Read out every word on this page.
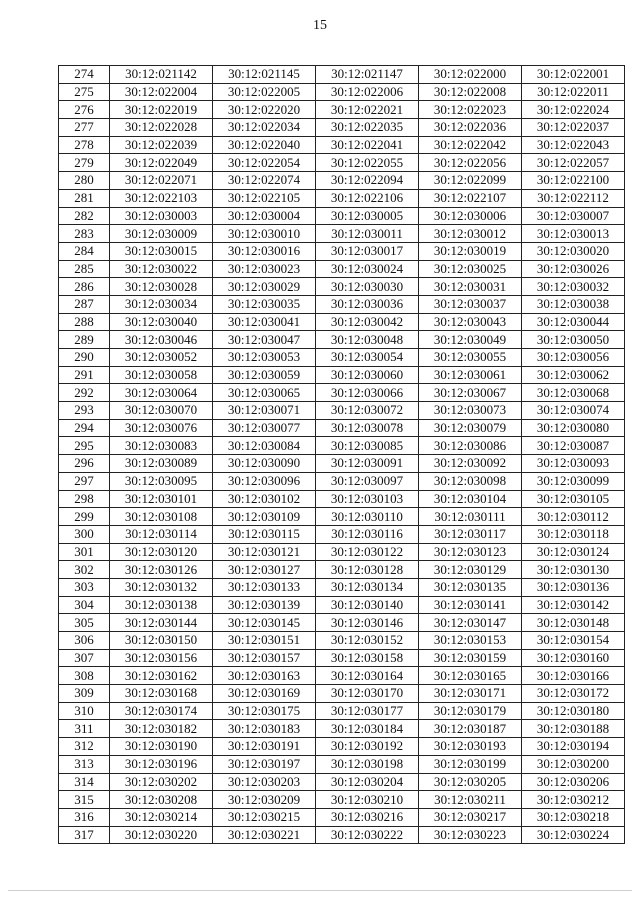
15
274	30:12:021142	30:12:021145	30:12:021147	30:12:022000	30:12:022001
275	30:12:022004	30:12:022005	30:12:022006	30:12:022008	30:12:022011
276	30:12:022019	30:12:022020	30:12:022021	30:12:022023	30:12:022024
277	30:12:022028	30:12:022034	30:12:022035	30:12:022036	30:12:022037
278	30:12:022039	30:12:022040	30:12:022041	30:12:022042	30:12:022043
279	30:12:022049	30:12:022054	30:12:022055	30:12:022056	30:12:022057
280	30:12:022071	30:12:022074	30:12:022094	30:12:022099	30:12:022100
281	30:12:022103	30:12:022105	30:12:022106	30:12:022107	30:12:022112
282	30:12:030003	30:12:030004	30:12:030005	30:12:030006	30:12:030007
283	30:12:030009	30:12:030010	30:12:030011	30:12:030012	30:12:030013
284	30:12:030015	30:12:030016	30:12:030017	30:12:030019	30:12:030020
285	30:12:030022	30:12:030023	30:12:030024	30:12:030025	30:12:030026
286	30:12:030028	30:12:030029	30:12:030030	30:12:030031	30:12:030032
287	30:12:030034	30:12:030035	30:12:030036	30:12:030037	30:12:030038
288	30:12:030040	30:12:030041	30:12:030042	30:12:030043	30:12:030044
289	30:12:030046	30:12:030047	30:12:030048	30:12:030049	30:12:030050
290	30:12:030052	30:12:030053	30:12:030054	30:12:030055	30:12:030056
291	30:12:030058	30:12:030059	30:12:030060	30:12:030061	30:12:030062
292	30:12:030064	30:12:030065	30:12:030066	30:12:030067	30:12:030068
293	30:12:030070	30:12:030071	30:12:030072	30:12:030073	30:12:030074
294	30:12:030076	30:12:030077	30:12:030078	30:12:030079	30:12:030080
295	30:12:030083	30:12:030084	30:12:030085	30:12:030086	30:12:030087
296	30:12:030089	30:12:030090	30:12:030091	30:12:030092	30:12:030093
297	30:12:030095	30:12:030096	30:12:030097	30:12:030098	30:12:030099
298	30:12:030101	30:12:030102	30:12:030103	30:12:030104	30:12:030105
299	30:12:030108	30:12:030109	30:12:030110	30:12:030111	30:12:030112
300	30:12:030114	30:12:030115	30:12:030116	30:12:030117	30:12:030118
301	30:12:030120	30:12:030121	30:12:030122	30:12:030123	30:12:030124
302	30:12:030126	30:12:030127	30:12:030128	30:12:030129	30:12:030130
303	30:12:030132	30:12:030133	30:12:030134	30:12:030135	30:12:030136
304	30:12:030138	30:12:030139	30:12:030140	30:12:030141	30:12:030142
305	30:12:030144	30:12:030145	30:12:030146	30:12:030147	30:12:030148
306	30:12:030150	30:12:030151	30:12:030152	30:12:030153	30:12:030154
307	30:12:030156	30:12:030157	30:12:030158	30:12:030159	30:12:030160
308	30:12:030162	30:12:030163	30:12:030164	30:12:030165	30:12:030166
309	30:12:030168	30:12:030169	30:12:030170	30:12:030171	30:12:030172
310	30:12:030174	30:12:030175	30:12:030177	30:12:030179	30:12:030180
311	30:12:030182	30:12:030183	30:12:030184	30:12:030187	30:12:030188
312	30:12:030190	30:12:030191	30:12:030192	30:12:030193	30:12:030194
313	30:12:030196	30:12:030197	30:12:030198	30:12:030199	30:12:030200
314	30:12:030202	30:12:030203	30:12:030204	30:12:030205	30:12:030206
315	30:12:030208	30:12:030209	30:12:030210	30:12:030211	30:12:030212
316	30:12:030214	30:12:030215	30:12:030216	30:12:030217	30:12:030218
317	30:12:030220	30:12:030221	30:12:030222	30:12:030223	30:12:030224
